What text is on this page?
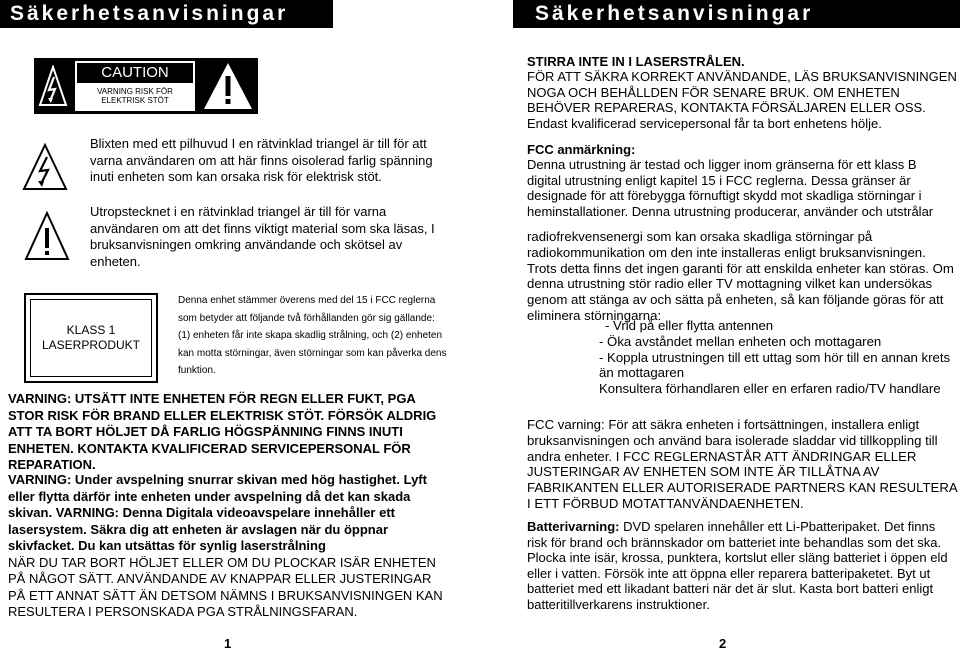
Säkerhetsanvisningar
CAUTION
VARNING RISK FÖR ELEKTRISK STÖT
Blixten med ett pilhuvud I en rätvinklad triangel är till för att varna användaren om att här finns oisolerad farlig spänning inuti enheten som kan orsaka risk för elektrisk stöt.
Utropstecknet i en rätvinklad triangel är till för varna användaren om att det finns viktigt material som ska läsas, I bruksanvisningen omkring användande och skötsel av enheten.
KLASS 1
LASERPRODUKT
Denna enhet stämmer överens med del 15 i FCC reglerna som betyder att följande två förhållanden gör sig gällande: (1) enheten får inte skapa skadlig strålning, och (2) enheten kan motta störningar, även störningar som kan påverka dens funktion.
VARNING: UTSÄTT INTE ENHETEN FÖR REGN ELLER FUKT, PGA STOR RISK FÖR BRAND ELLER ELEKTRISK STÖT. FÖRSÖK ALDRIG ATT TA BORT HÖLJET DÅ FARLIG HÖGSPÄNNING FINNS INUTI ENHETEN. KONTAKTA KVALIFICERAD SERVICEPERSONAL FÖR REPARATION.
VARNING: Under avspelning snurrar skivan med hög hastighet. Lyft eller flytta därför inte enheten under avspelning då det kan skada skivan. VARNING: Denna Digitala videoavspelare innehåller ett lasersystem. Säkra dig att enheten är avslagen när du öppnar skivfacket. Du kan utsättas för synlig laserstrålning
NÄR DU TAR BORT HÖLJET ELLER OM DU PLOCKAR ISÄR ENHETEN PÅ NÅGOT SÄTT. ANVÄNDANDE AV KNAPPAR ELLER JUSTERINGAR PÅ ETT ANNAT SÄTT ÄN DETSOM NÄMNS I BRUKSANVISNINGEN KAN RESULTERA I PERSONSKADA PGA STRÅLNINGSFARAN.
1
Säkerhetsanvisningar
STIRRA INTE IN I LASERSTRÅLEN.
FÖR ATT SÄKRA KORREKT ANVÄNDANDE, LÄS BRUKSANVISNINGEN NOGA OCH BEHÅLLDEN FÖR SENARE BRUK. OM ENHETEN BEHÖVER REPARERAS, KONTAKTA FÖRSÄLJAREN ELLER OSS. Endast kvalificerad servicepersonal får ta bort enhetens hölje.
FCC anmärkning:
Denna utrustning är testad och ligger inom gränserna för ett klass B digital utrustning enligt kapitel 15 i FCC reglerna. Dessa gränser är designade för att förebygga förnuftigt skydd mot skadliga störningar i heminstallationer. Denna utrustning producerar, använder och utstrålar
radiofrekvensenergi som kan orsaka skadliga störningar på radiokommunikation om den inte installeras enligt bruksanvisningen. Trots detta finns det ingen garanti för att enskilda enheter kan störas. Om denna utrustning stör radio eller TV mottagning vilket kan undersökas genom att stänga av och sätta på enheten, så kan följande göras för att eliminera störningarna:
- Vrid på eller flytta antennen
- Öka avståndet mellan enheten och mottagaren
- Koppla utrustningen till ett uttag som hör till en annan krets än mottagaren
Konsultera förhandlaren eller en erfaren radio/TV handlare
FCC varning: För att säkra enheten i fortsättningen, installera enligt bruksanvisningen och använd bara isolerade sladdar vid tillkoppling till andra enheter. I FCC REGLERNASTÅR ATT ÄNDRINGAR ELLER JUSTERINGAR AV ENHETEN SOM INTE ÄR TILLÅTNA AV FABRIKANTEN ELLER AUTORISERADE PARTNERS KAN RESULTERA I ETT FÖRBUD MOTATTANVÄNDAENHETEN.
Batterivarning: DVD spelaren innehåller ett Li-Pbatteripaket. Det finns risk för brand och brännskador om batteriet inte behandlas som det ska. Plocka inte isär, krossa, punktera, kortslut eller släng batteriet i öppen eld eller i vatten. Försök inte att öppna eller reparera batteripaketet. Byt ut batteriet med ett likadant batteri när det är slut. Kasta bort batteri enligt batteritillverkarens instruktioner.
2
